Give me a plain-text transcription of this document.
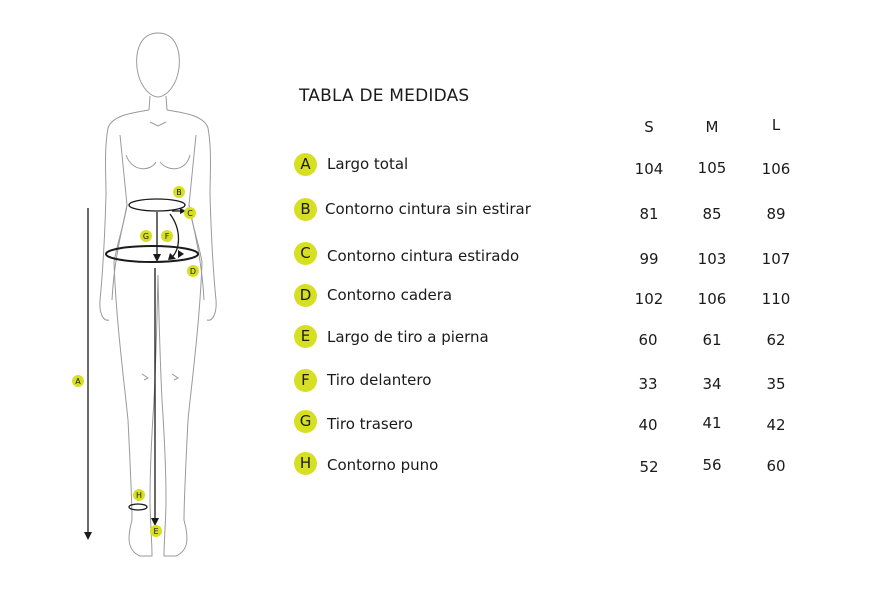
B
C
G F
D
A
H
E
TABLA DE MEDIDAS
S	M	L
A	Largo total	104	105	106
B Contorno cintura sin estirar	81	85	89
C	Contorno cintura estirado	99	103	107
D	Contorno cadera	102	106	110
E	Largo de tiro a pierna	60	61	62
F	Tiro delantero	33	34	35
G	Tiro trasero	40	41	42
H	Contorno puno	52	56	60
